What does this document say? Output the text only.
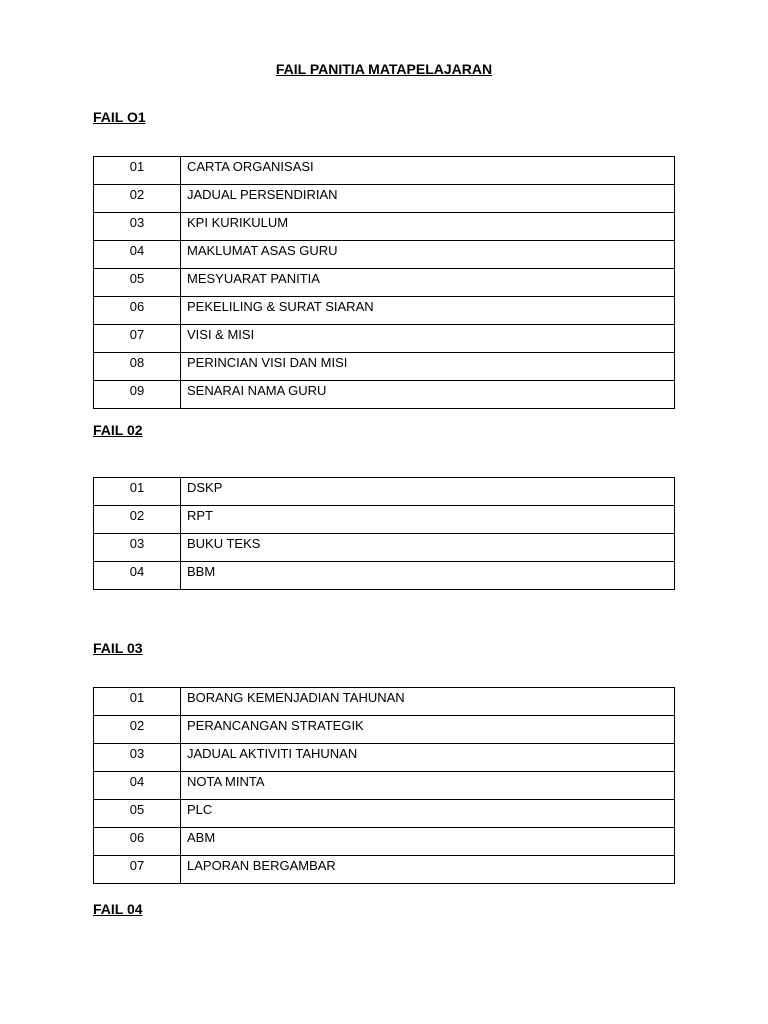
FAIL PANITIA MATAPELAJARAN
FAIL O1
01	CARTA ORGANISASI
02	JADUAL PERSENDIRIAN
03	KPI KURIKULUM
04	MAKLUMAT ASAS GURU
05	MESYUARAT PANITIA
06	PEKELILING & SURAT SIARAN
07	VISI & MISI
08	PERINCIAN VISI DAN MISI
09	SENARAI NAMA GURU
FAIL 02
01	DSKP
02	RPT
03	BUKU TEKS
04	BBM
FAIL 03
01	BORANG KEMENJADIAN TAHUNAN
02	PERANCANGAN STRATEGIK
03	JADUAL AKTIVITI TAHUNAN
04	NOTA MINTA
05	PLC
06	ABM
07	LAPORAN BERGAMBAR
FAIL 04
